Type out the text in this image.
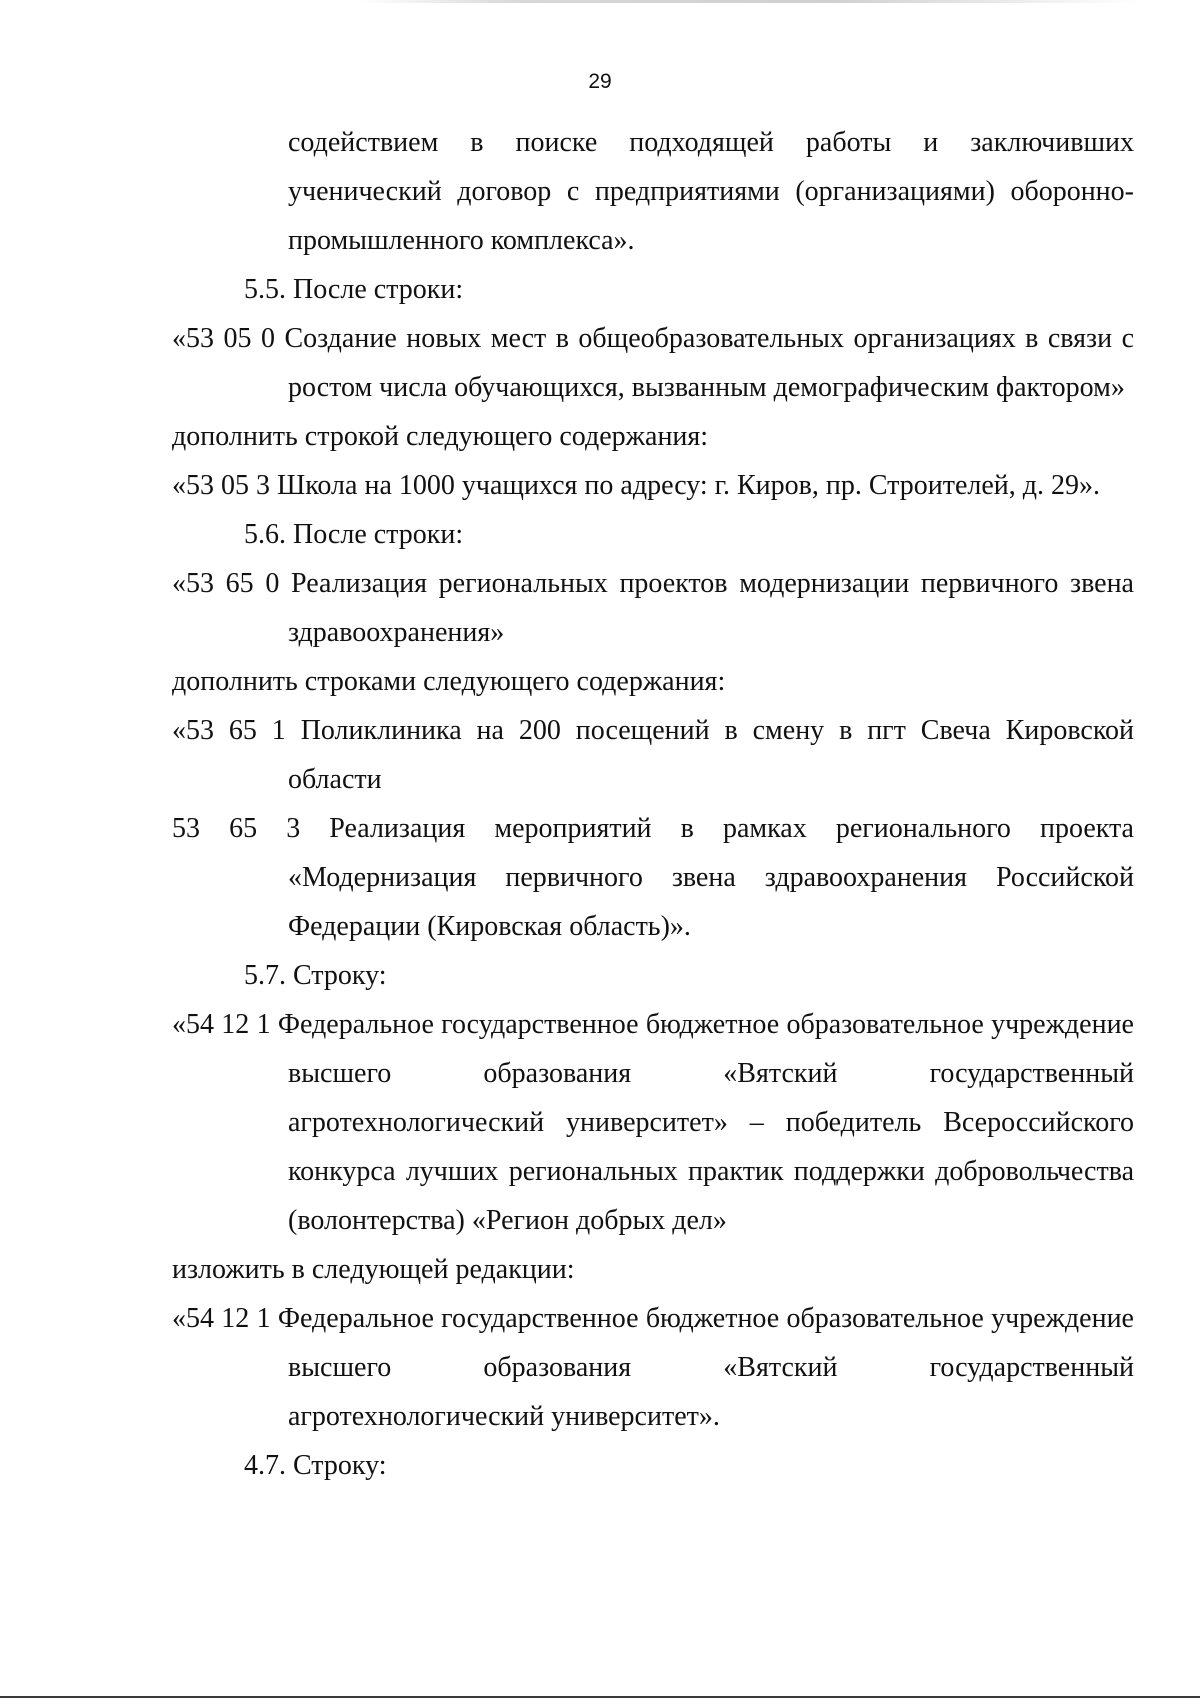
29

содействием в поиске подходящей работы и заключивших ученический договор с предприятиями (организациями) оборонно-промышленного комплекса».

5.5. После строки:

«53 05 0 Создание новых мест в общеобразовательных организациях в связи с ростом числа обучающихся, вызванным демографическим фактором»

дополнить строкой следующего содержания:

«53 05 3 Школа на 1000 учащихся по адресу: г. Киров, пр. Строителей, д. 29».

5.6. После строки:

«53 65 0 Реализация региональных проектов модернизации первичного звена здравоохранения»

дополнить строками следующего содержания:

«53 65 1 Поликлиника на 200 посещений в смену в пгт Свеча Кировской области

53 65 3 Реализация мероприятий в рамках регионального проекта «Модернизация первичного звена здравоохранения Российской Федерации (Кировская область)».

5.7. Строку:

«54 12 1 Федеральное государственное бюджетное образовательное учреждение высшего образования «Вятский государственный агротехнологический университет» – победитель Всероссийского конкурса лучших региональных практик поддержки добровольчества (волонтерства) «Регион добрых дел»

изложить в следующей редакции:

«54 12 1 Федеральное государственное бюджетное образовательное учреждение высшего образования «Вятский государственный агротехнологический университет».

4.7. Строку:
